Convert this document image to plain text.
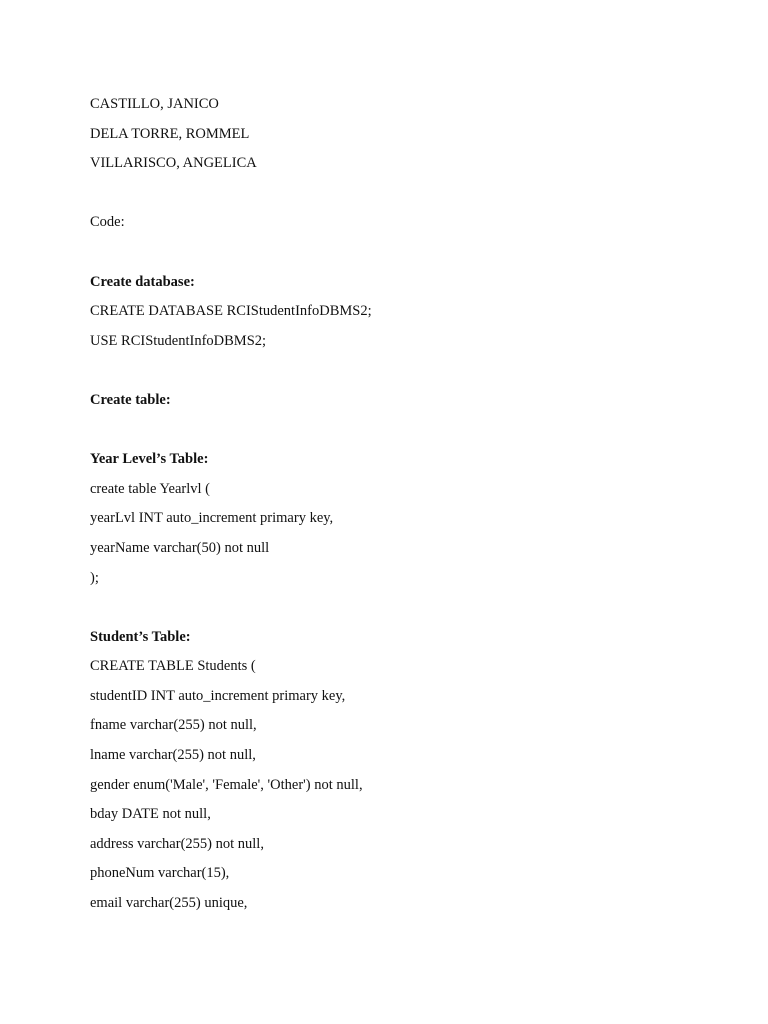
CASTILLO, JANICO
DELA TORRE, ROMMEL
VILLARISCO, ANGELICA
Code:
Create database:
CREATE DATABASE RCIStudentInfoDBMS2;
USE RCIStudentInfoDBMS2;
Create table:
Year Level’s Table:
create table Yearlvl (
yearLvl INT auto_increment primary key,
yearName varchar(50) not null
);
Student’s Table:
CREATE TABLE Students (
studentID INT auto_increment primary key,
fname varchar(255) not null,
lname varchar(255) not null,
gender enum('Male', 'Female', 'Other') not null,
bday DATE not null,
address varchar(255) not null,
phoneNum varchar(15),
email varchar(255) unique,
